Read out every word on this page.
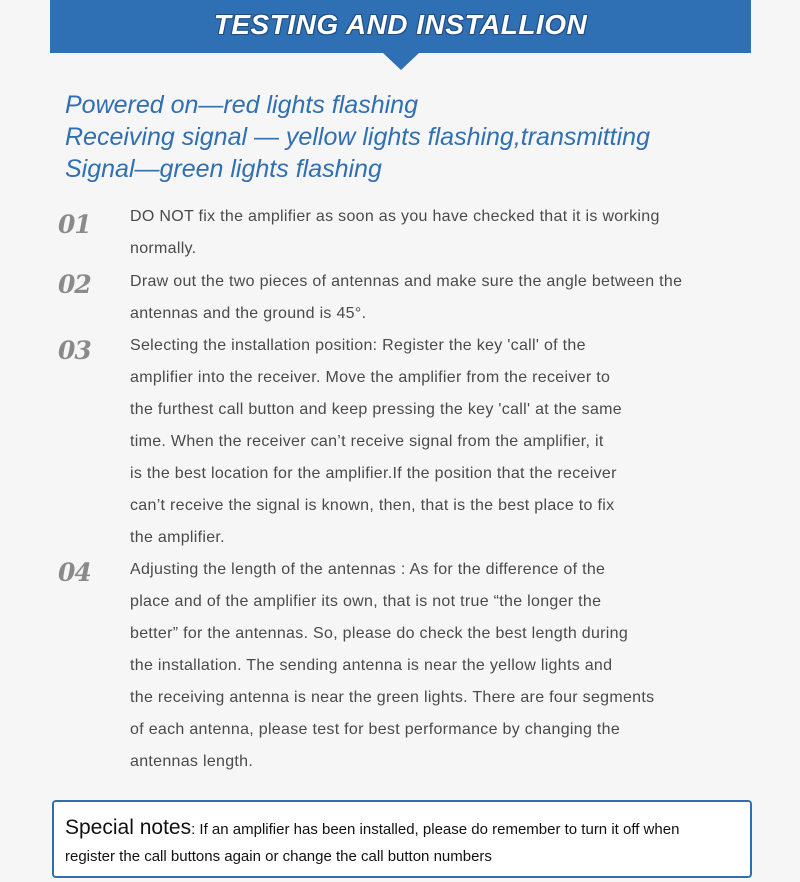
TESTING AND INSTALLION
Powered on—red lights flashing
Receiving signal — yellow lights flashing,transmitting
Signal—green lights flashing
01 DO NOT fix the amplifier as soon as you have checked that it is working
normally.
02 Draw out the two pieces of antennas and make sure the angle between the
antennas and the ground is 45°.
03 Selecting the installation position: Register the key 'call' of the
amplifier into the receiver. Move the amplifier from the receiver to
the furthest call button and keep pressing the key 'call' at the same
time. When the receiver can’t receive signal from the amplifier, it
is the best location for the amplifier.If the position that the receiver
can’t receive the signal is known, then, that is the best place to fix
the amplifier.
04 Adjusting the length of the antennas : As for the difference of the
place and of the amplifier its own, that is not true “the longer the
better” for the antennas. So, please do check the best length during
the installation. The sending antenna is near the yellow lights and
the receiving antenna is near the green lights. There are four segments
of each antenna, please test for best performance by changing the
antennas length.
Special notes: If an amplifier has been installed, please do remember to turn it off when
register the call buttons again or change the call button numbers
